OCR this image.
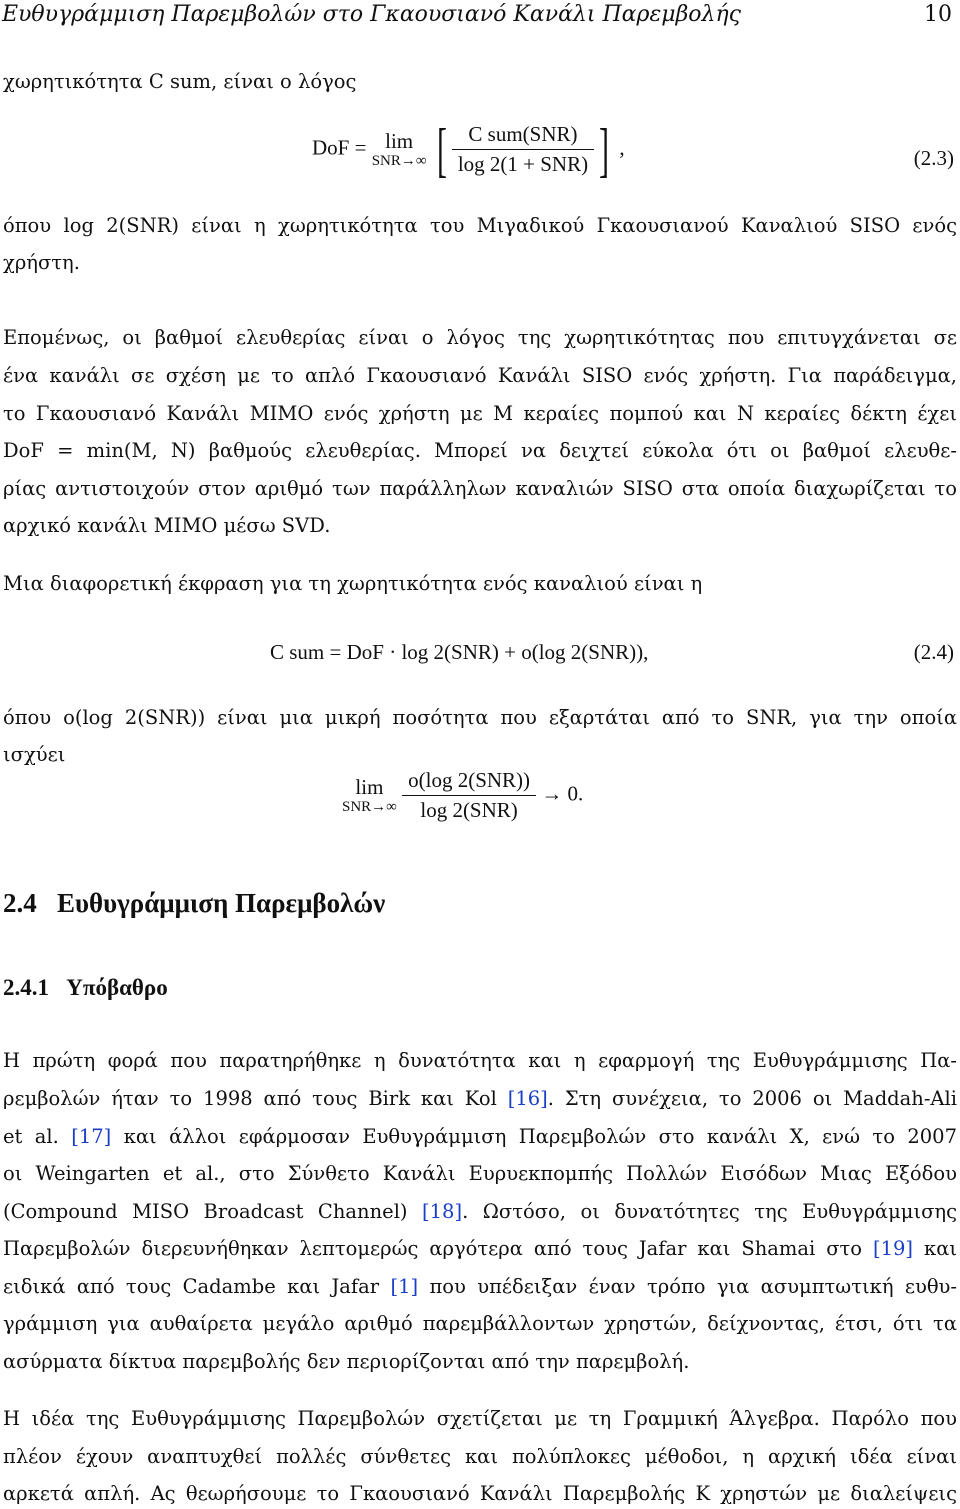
Ευθυγράμμιση Παρεμβολών στο Γκαουσιανό Κανάλι Παρεμβολής	10
χωρητικότητα C sum, είναι ο λόγος
DoF = lim
SNR→∞ [ $\frac{\text{C sum(SNR)}}{\text{log 2(1 + SNR)}}$ ] ,	(2.3)
όπου log 2(SNR) είναι η χωρητικότητα του Μιγαδικού Γκαουσιανού Καναλιού SISO ενός
χρήστη.
Επομένως, οι βαθμοί ελευθερίας είναι ο λόγος της χωρητικότητας που επιτυγχάνεται σε
ένα κανάλι σε σχέση με το απλό Γκαουσιανό Κανάλι SISO ενός χρήστη. Για παράδειγμα,
το Γκαουσιανό Κανάλι MIMO ενός χρήστη με M κεραίες πομπού και N κεραίες δέκτη έχει
DoF = min(M, N) βαθμούς ελευθερίας. Μπορεί να δειχτεί εύκολα ότι οι βαθμοί ελευθε-
ρίας αντιστοιχούν στον αριθμό των παράλληλων καναλιών SISO στα οποία διαχωρίζεται το
αρχικό κανάλι MIMO μέσω SVD.
Μια διαφορετική έκφραση για τη χωρητικότητα ενός καναλιού είναι η
C sum = DoF · log 2(SNR) + o(log 2(SNR)),	(2.4)
όπου o(log 2(SNR)) είναι μια μικρή ποσότητα που εξαρτάται από το SNR, για την οποία
ισχύει
lim
SNR→∞
$\frac{\text{o(log 2(SNR))}}{\text{log 2(SNR)}} \to 0$.
2.4 Ευθυγράμμιση Παρεμβολών
2.4.1 Υπόβαθρο
Η πρώτη φορά που παρατηρήθηκε η δυνατότητα και η εφαρμογή της Ευθυγράμμισης Πα-
ρεμβολών ήταν το 1998 από τους Birk και Kol [16]. Στη συνέχεια, το 2006 οι Maddah-Ali
et al. [17] και άλλοι εφάρμοσαν Ευθυγράμμιση Παρεμβολών στο κανάλι X, ενώ το 2007
οι Weingarten et al., στο Σύνθετο Κανάλι Ευρυεκπομπής Πολλών Εισόδων Μιας Εξόδου
(Compound MISO Broadcast Channel) [18]. Ωστόσο, οι δυνατότητες της Ευθυγράμμισης
Παρεμβολών διερευνήθηκαν λεπτομερώς αργότερα από τους Jafar και Shamai στο [19] και
ειδικά από τους Cadambe και Jafar [1] που υπέδειξαν έναν τρόπο για ασυμπτωτική ευθυ-
γράμμιση για αυθαίρετα μεγάλο αριθμό παρεμβάλλοντων χρηστών, δείχνοντας, έτσι, ότι τα
ασύρματα δίκτυα παρεμβολής δεν περιορίζονται από την παρεμβολή.
Η ιδέα της Ευθυγράμμισης Παρεμβολών σχετίζεται με τη Γραμμική Άλγεβρα. Παρόλο που
πλέον έχουν αναπτυχθεί πολλές σύνθετες και πολύπλοκες μέθοδοι, η αρχική ιδέα είναι
αρκετά απλή. Ας θεωρήσουμε το Γκαουσιανό Κανάλι Παρεμβολής K χρηστών με διαλείψεις
